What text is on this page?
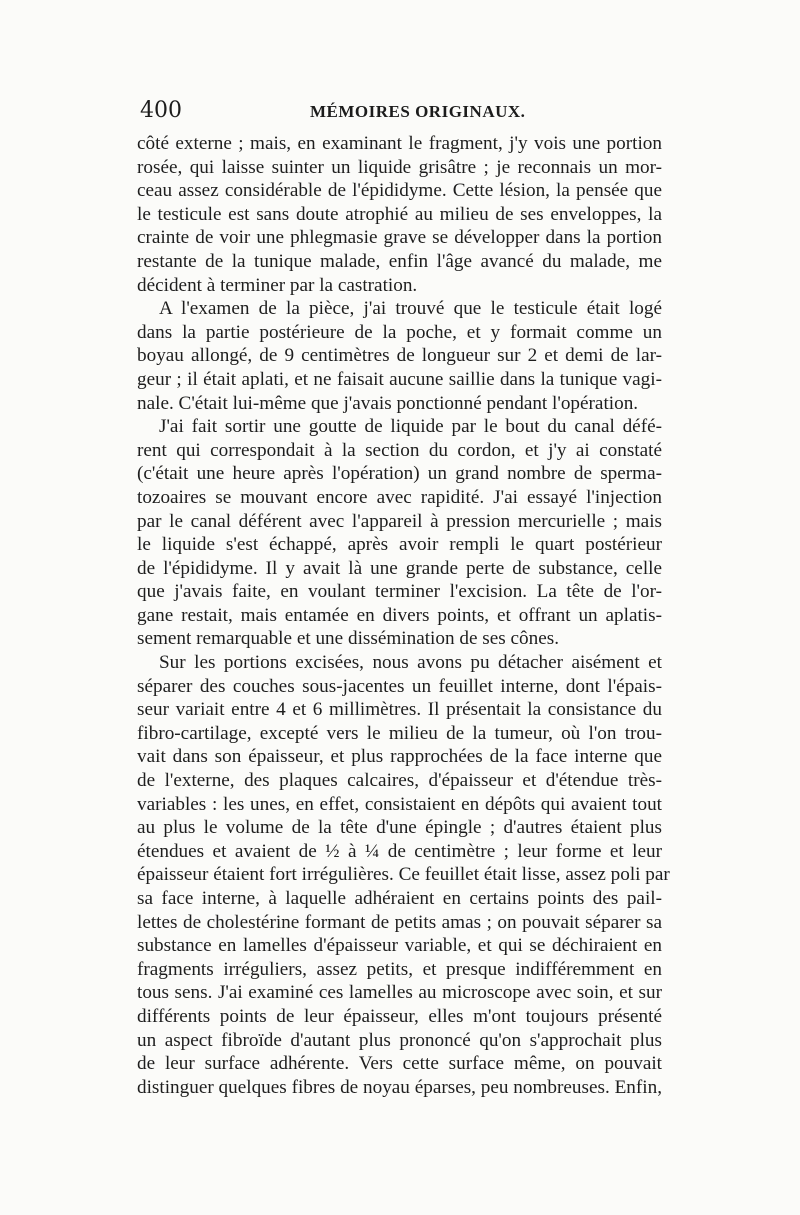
400	MÉMOIRES ORIGINAUX.
côté externe ; mais, en examinant le fragment, j'y vois une portion
rosée, qui laisse suinter un liquide grisâtre ; je reconnais un mor-
ceau assez considérable de l'épididyme. Cette lésion, la pensée que
le testicule est sans doute atrophié au milieu de ses enveloppes, la
crainte de voir une phlegmasie grave se développer dans la portion
restante de la tunique malade, enfin l'âge avancé du malade, me
décident à terminer par la castration.
A l'examen de la pièce, j'ai trouvé que le testicule était logé
dans la partie postérieure de la poche, et y formait comme un
boyau allongé, de 9 centimètres de longueur sur 2 et demi de lar-
geur ; il était aplati, et ne faisait aucune saillie dans la tunique vagi-
nale. C'était lui-même que j'avais ponctionné pendant l'opération.
J'ai fait sortir une goutte de liquide par le bout du canal défé-
rent qui correspondait à la section du cordon, et j'y ai constaté
(c'était une heure après l'opération) un grand nombre de sperma-
tozoaires se mouvant encore avec rapidité. J'ai essayé l'injection
par le canal déférent avec l'appareil à pression mercurielle ; mais
le liquide s'est échappé, après avoir rempli le quart postérieur
de l'épididyme. Il y avait là une grande perte de substance, celle
que j'avais faite, en voulant terminer l'excision. La tête de l'or-
gane restait, mais entamée en divers points, et offrant un aplatis-
sement remarquable et une dissémination de ses cônes.
Sur les portions excisées, nous avons pu détacher aisément et
séparer des couches sous-jacentes un feuillet interne, dont l'épais-
seur variait entre 4 et 6 millimètres. Il présentait la consistance du
fibro-cartilage, excepté vers le milieu de la tumeur, où l'on trou-
vait dans son épaisseur, et plus rapprochées de la face interne que
de l'externe, des plaques calcaires, d'épaisseur et d'étendue très-
variables : les unes, en effet, consistaient en dépôts qui avaient tout
au plus le volume de la tête d'une épingle ; d'autres étaient plus
étendues et avaient de ½ à ¼ de centimètre ; leur forme et leur
épaisseur étaient fort irrégulières. Ce feuillet était lisse, assez poli par
sa face interne, à laquelle adhéraient en certains points des pail-
lettes de cholestérine formant de petits amas ; on pouvait séparer sa
substance en lamelles d'épaisseur variable, et qui se déchiraient en
fragments irréguliers, assez petits, et presque indifféremment en
tous sens. J'ai examiné ces lamelles au microscope avec soin, et sur
différents points de leur épaisseur, elles m'ont toujours présenté
un aspect fibroïde d'autant plus prononcé qu'on s'approchait plus
de leur surface adhérente. Vers cette surface même, on pouvait
distinguer quelques fibres de noyau éparses, peu nombreuses. Enfin,
